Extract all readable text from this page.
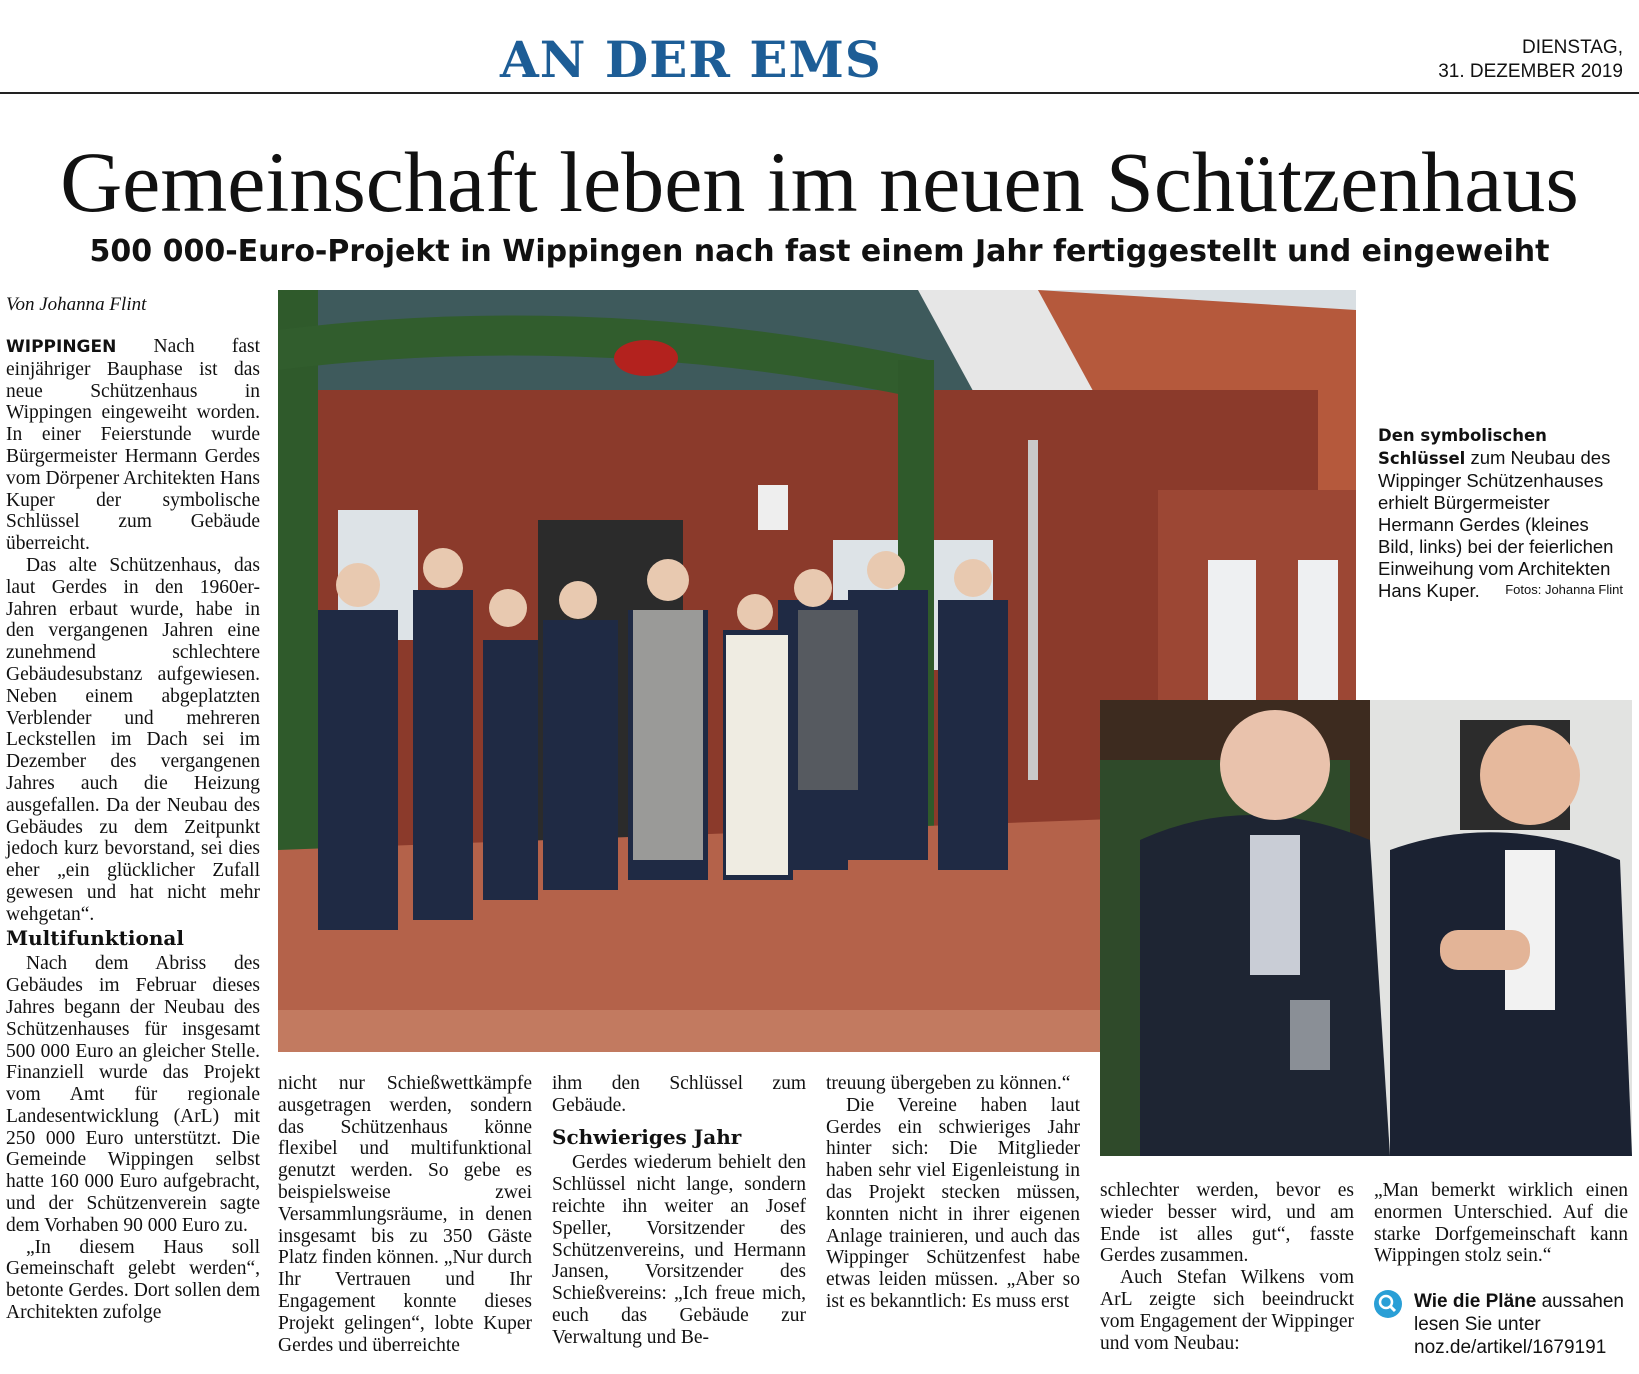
AN DER EMS	DIENSTAG,
31. DEZEMBER 2019
Gemeinschaft leben im neuen Schützenhaus
500 000-Euro-Projekt in Wippingen nach fast einem Jahr fertiggestellt und eingeweiht
Von Johanna Flint

WIPPINGEN Nach fast einjähriger Bauphase ist das neue Schützenhaus in Wippingen eingeweiht worden. In einer Feierstunde wurde Bürgermeister Hermann Gerdes vom Dörpener Architekten Hans Kuper der symbolische Schlüssel zum Gebäude überreicht.

Das alte Schützenhaus, das laut Gerdes in den 1960er-Jahren erbaut wurde, habe in den vergangenen Jahren eine zunehmend schlechtere Gebäudesubstanz aufgewiesen. Neben einem abgeplatzten Verblender und mehreren Leckstellen im Dach sei im Dezember des vergangenen Jahres auch die Heizung ausgefallen. Da der Neubau des Gebäudes zu dem Zeitpunkt jedoch kurz bevorstand, sei dies eher „ein glücklicher Zufall gewesen und hat nicht mehr wehgetan“.

Multifunktional

Nach dem Abriss des Gebäudes im Februar dieses Jahres begann der Neubau des Schützenhauses für insgesamt 500 000 Euro an gleicher Stelle. Finanziell wurde das Projekt vom Amt für regionale Landesentwicklung (ArL) mit 250 000 Euro unterstützt. Die Gemeinde Wippingen selbst hatte 160 000 Euro aufgebracht, und der Schützenverein sagte dem Vorhaben 90 000 Euro zu.

„In diesem Haus soll Gemeinschaft gelebt werden“, betonte Gerdes. Dort sollen dem Architekten zufolge

Den symbolischen Schlüssel zum Neubau des Wippinger Schützenhauses erhielt Bürgermeister Hermann Gerdes (kleines Bild, links) bei der feierlichen Einweihung vom Architekten Hans Kuper.	Fotos: Johanna Flint

nicht nur Schießwettkämpfe ausgetragen werden, sondern das Schützenhaus könne flexibel und multifunktional genutzt werden. So gebe es beispielsweise zwei Versammlungsräume, in denen insgesamt bis zu 350 Gäste Platz finden können. „Nur durch Ihr Vertrauen und Ihr Engagement konnte dieses Projekt gelingen“, lobte Kuper Gerdes und überreichte

ihm den Schlüssel zum Gebäude.

Schwieriges Jahr

Gerdes wiederum behielt den Schlüssel nicht lange, sondern reichte ihn weiter an Josef Speller, Vorsitzender des Schützenvereins, und Hermann Jansen, Vorsitzender des Schießvereins: „Ich freue mich, euch das Gebäude zur Verwaltung und Be-

treuung übergeben zu können.“

Die Vereine haben laut Gerdes ein schwieriges Jahr hinter sich: Die Mitglieder haben sehr viel Eigenleistung in das Projekt stecken müssen, konnten nicht in ihrer eigenen Anlage trainieren, und auch das Wippinger Schützenfest habe etwas leiden müssen. „Aber so ist es bekanntlich: Es muss erst

schlechter werden, bevor es wieder besser wird, und am Ende ist alles gut“, fasste Gerdes zusammen.

Auch Stefan Wilkens vom ArL zeigte sich beeindruckt vom Engagement der Wippinger und vom Neubau:

„Man bemerkt wirklich einen enormen Unterschied. Auf die starke Dorfgemeinschaft kann Wippingen stolz sein.“

Wie die Pläne aussahen
lesen Sie unter
noz.de/artikel/1679191
